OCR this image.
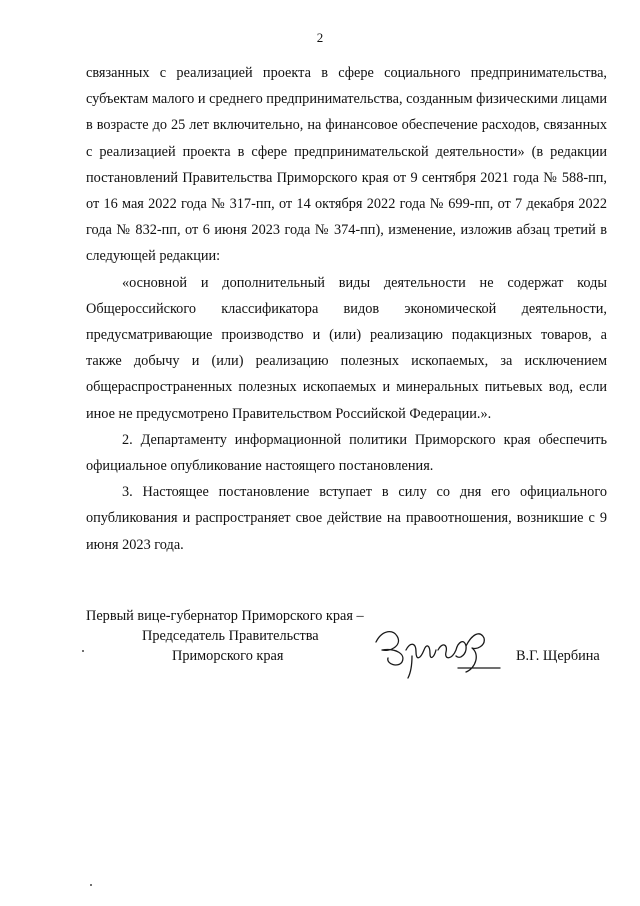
2

связанных с реализацией проекта в сфере социального предпринимательства, субъектам малого и среднего предпринимательства, созданным физическими лицами в возрасте до 25 лет включительно, на финансовое обеспечение расходов, связанных с реализацией проекта в сфере предпринимательской деятельности» (в редакции постановлений Правительства Приморского края от 9 сентября 2021 года № 588-пп, от 16 мая 2022 года № 317-пп, от 14 октября 2022 года № 699-пп, от 7 декабря 2022 года № 832-пп, от 6 июня 2023 года № 374-пп), изменение, изложив абзац третий в следующей редакции:

«основной и дополнительный виды деятельности не содержат коды Общероссийского классификатора видов экономической деятельности, предусматривающие производство и (или) реализацию подакцизных товаров, а также добычу и (или) реализацию полезных ископаемых, за исключением общераспространенных полезных ископаемых и минеральных питьевых вод, если иное не предусмотрено Правительством Российской Федерации.».

2. Департаменту информационной политики Приморского края обеспечить официальное опубликование настоящего постановления.

3. Настоящее постановление вступает в силу со дня его официального опубликования и распространяет свое действие на правоотношения, возникшие с 9 июня 2023 года.

Первый вице-губернатор Приморского края –
Председатель Правительства
Приморского края	В.Г. Щербина
